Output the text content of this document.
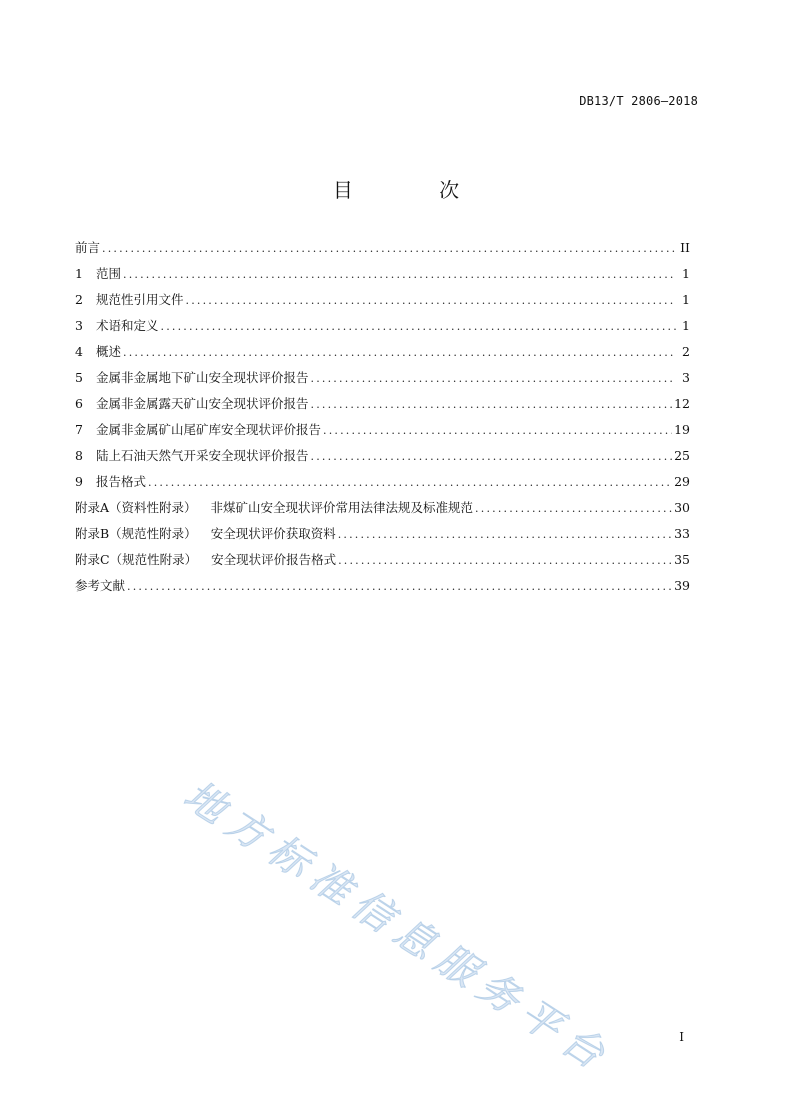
DB13/T 2806—2018
目 次
前言 .....	II
1 范围 .....	1
2 规范性引用文件 .....	1
3 术语和定义 .....	1
4 概述 .....	2
5 金属非金属地下矿山安全现状评价报告 .....	3
6 金属非金属露天矿山安全现状评价报告 .....	12
7 金属非金属矿山尾矿库安全现状评价报告 .....	19
8 陆上石油天然气开采安全现状评价报告 .....	25
9 报告格式 .....	29
附录A（资料性附录） 非煤矿山安全现状评价常用法律法规及标准规范 .....	30
附录B（规范性附录） 安全现状评价获取资料 .....	33
附录C（规范性附录） 安全现状评价报告格式 .....	35
参考文献 .....	39
地方标准信息服务平台	I
